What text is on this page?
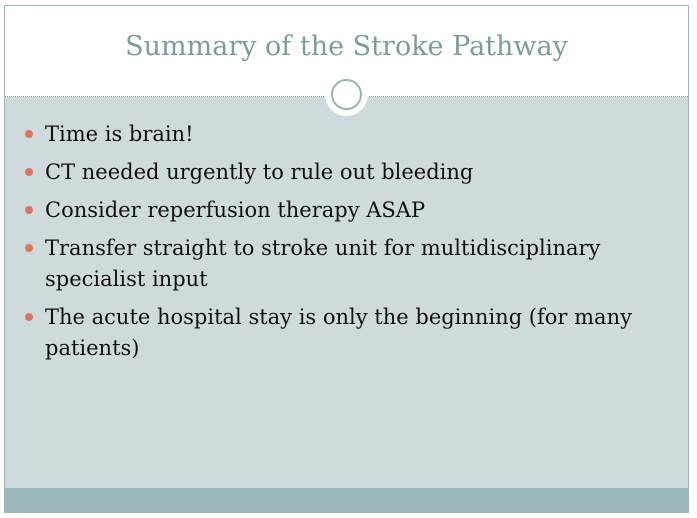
Summary of the Stroke Pathway
Time is brain!
CT needed urgently to rule out bleeding
Consider reperfusion therapy ASAP
Transfer straight to stroke unit for multidisciplinary specialist input
The acute hospital stay is only the beginning (for many patients)
